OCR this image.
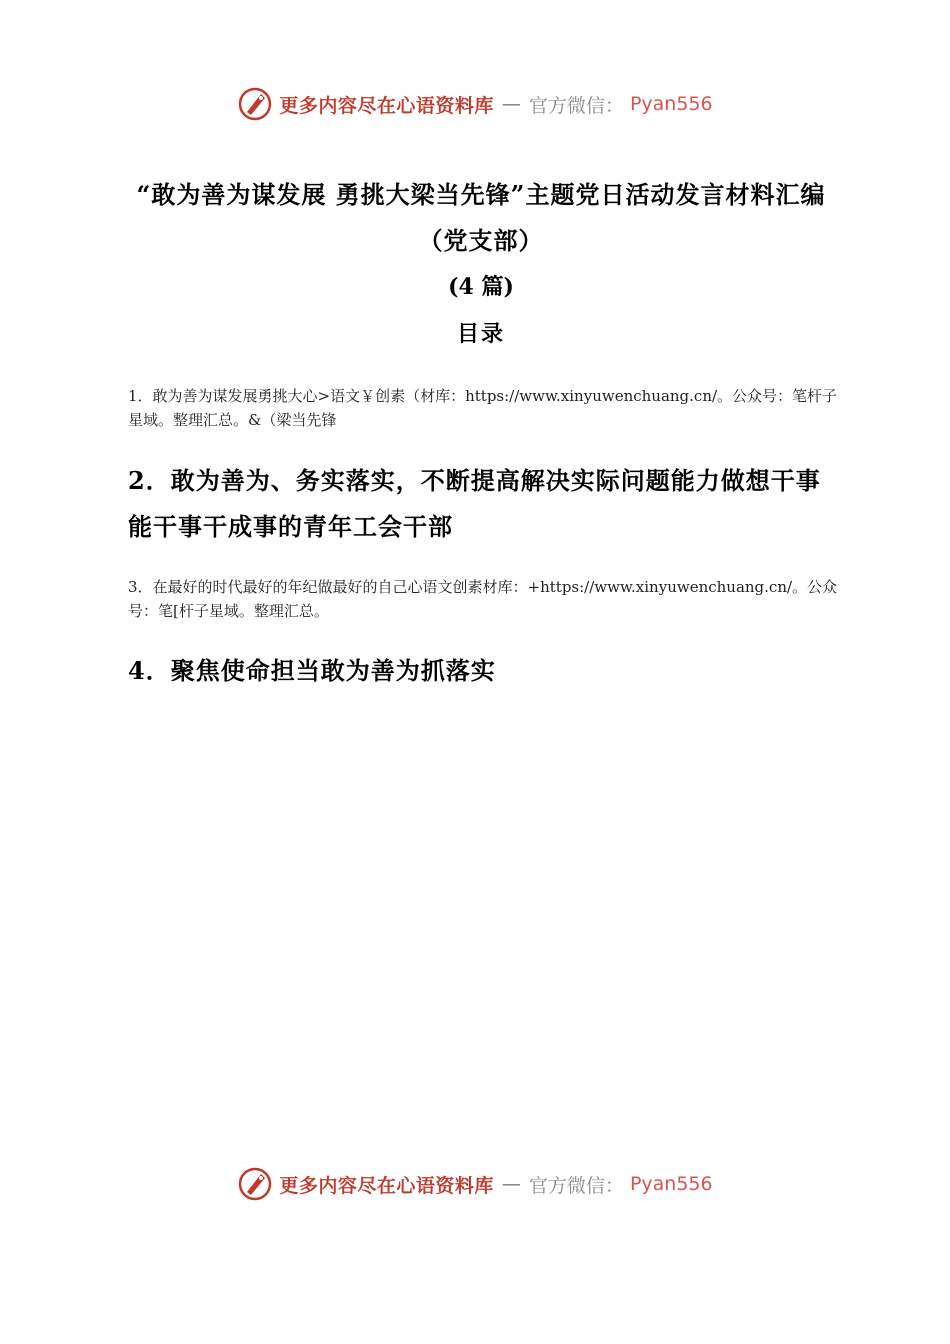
更多内容尽在心语资料库 — 官方微信： Pyan556

“敢为善为谋发展 勇挑大梁当先锋”主题党日活动发言材料汇编（党支部）

(4 篇)

目录

1．敢为善为谋发展勇挑大心>语文￥创素（材库：https://www.xinyuwenchuang.cn/。公众号：笔杆子星域。整理汇总。&（梁当先锋
2．敢为善为、务实落实，不断提高解决实际问题能力做想干事能干事干成事的青年工会干部
3．在最好的时代最好的年纪做最好的自己心语文创素材库：+https://www.xinyuwenchuang.cn/。公众号：笔[杆子星域。整理汇总。
4．聚焦使命担当敢为善为抓落实
更多内容尽在心语资料库 — 官方微信： Pyan556
